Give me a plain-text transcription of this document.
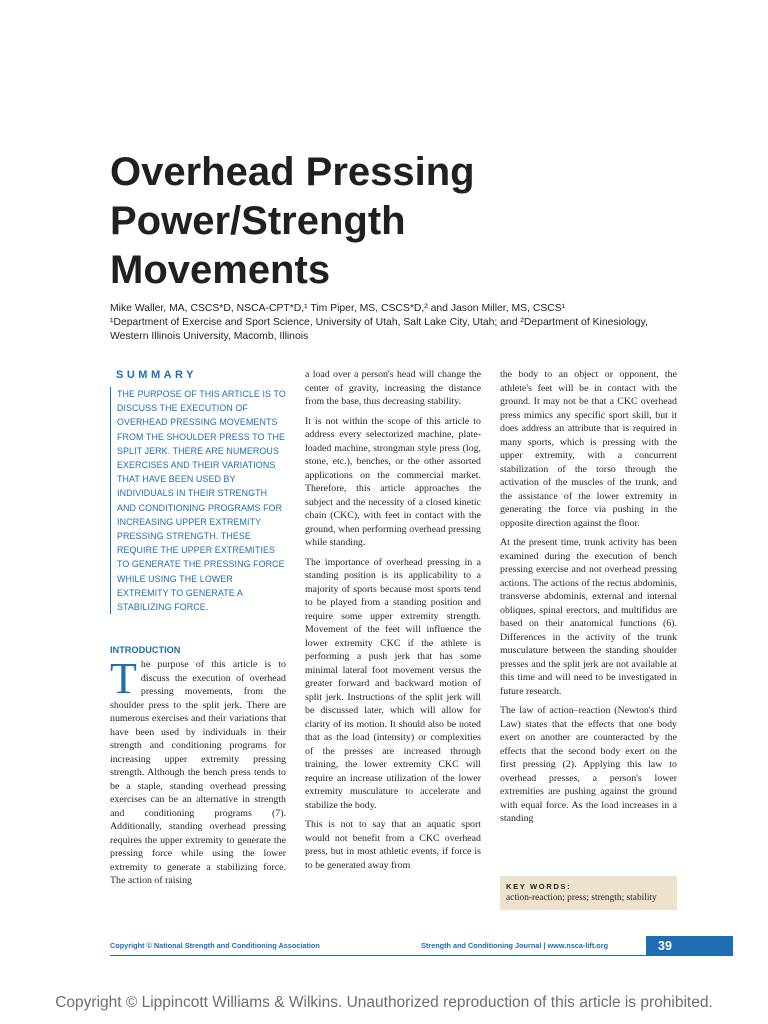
Overhead Pressing
Power/Strength
Movements
Mike Waller, MA, CSCS*D, NSCA-CPT*D,¹ Tim Piper, MS, CSCS*D,² and Jason Miller, MS, CSCS¹
¹Department of Exercise and Sport Science, University of Utah, Salt Lake City, Utah; and ²Department of Kinesiology,
Western Illinois University, Macomb, Illinois
SUMMARY
THE PURPOSE OF THIS ARTICLE IS TO DISCUSS THE EXECUTION OF OVERHEAD PRESSING MOVEMENTS FROM THE SHOULDER PRESS TO THE SPLIT JERK. THERE ARE NUMEROUS EXERCISES AND THEIR VARIATIONS THAT HAVE BEEN USED BY INDIVIDUALS IN THEIR STRENGTH AND CONDITIONING PROGRAMS FOR INCREASING UPPER EXTREMITY PRESSING STRENGTH. THESE REQUIRE THE UPPER EXTREMITIES TO GENERATE THE PRESSING FORCE WHILE USING THE LOWER EXTREMITY TO GENERATE A STABILIZING FORCE.
INTRODUCTION
The purpose of this article is to discuss the execution of overhead pressing movements, from the shoulder press to the split jerk. There are numerous exercises and their variations that have been used by individuals in their strength and conditioning programs for increasing upper extremity pressing strength. Although the bench press tends to be a staple, standing overhead pressing exercises can be an alternative in strength and conditioning programs (7). Additionally, standing overhead pressing requires the upper extremity to generate the pressing force while using the lower extremity to generate a stabilizing force. The action of raising

a load over a person's head will change the center of gravity, increasing the distance from the base, thus decreasing stability.

It is not within the scope of this article to address every selectorized machine, plate-loaded machine, strongman style press (log, stone, etc.), benches, or the other assorted applications on the commercial market. Therefore, this article approaches the subject and the necessity of a closed kinetic chain (CKC), with feet in contact with the ground, when performing overhead pressing while standing.

The importance of overhead pressing in a standing position is its applicability to a majority of sports because most sports tend to be played from a standing position and require some upper extremity strength. Movement of the feet will influence the lower extremity CKC if the athlete is performing a push jerk that has some minimal lateral foot movement versus the greater forward and backward motion of split jerk. Instructions of the split jerk will be discussed later, which will allow for clarity of its motion. It should also be noted that as the load (intensity) or complexities of the presses are increased through training, the lower extremity CKC will require an increase utilization of the lower extremity musculature to accelerate and stabilize the body.

This is not to say that an aquatic sport would not benefit from a CKC overhead press, but in most athletic events, if force is to be generated away from

the body to an object or opponent, the athlete's feet will be in contact with the ground. It may not be that a CKC overhead press mimics any specific sport skill, but it does address an attribute that is required in many sports, which is pressing with the upper extremity, with a concurrent stabilization of the torso through the activation of the muscles of the trunk, and the assistance of the lower extremity in generating the force via pushing in the opposite direction against the floor.

At the present time, trunk activity has been examined during the execution of bench pressing exercise and not overhead pressing actions. The actions of the rectus abdominis, transverse abdominis, external and internal obliques, spinal erectors, and multifidus are based on their anatomical functions (6). Differences in the activity of the trunk musculature between the standing shoulder presses and the split jerk are not available at this time and will need to be investigated in future research.

The law of action–reaction (Newton's third Law) states that the effects that one body exert on another are counteracted by the effects that the second body exert on the first pressing (2). Applying this law to overhead presses, a person's lower extremities are pushing against the ground with equal force. As the load increases in a standing

KEY WORDS:
action-reaction; press; strength; stability
Copyright © National Strength and Conditioning Association	Strength and Conditioning Journal | www.nsca-lift.org	39
Copyright © Lippincott Williams & Wilkins. Unauthorized reproduction of this article is prohibited.
